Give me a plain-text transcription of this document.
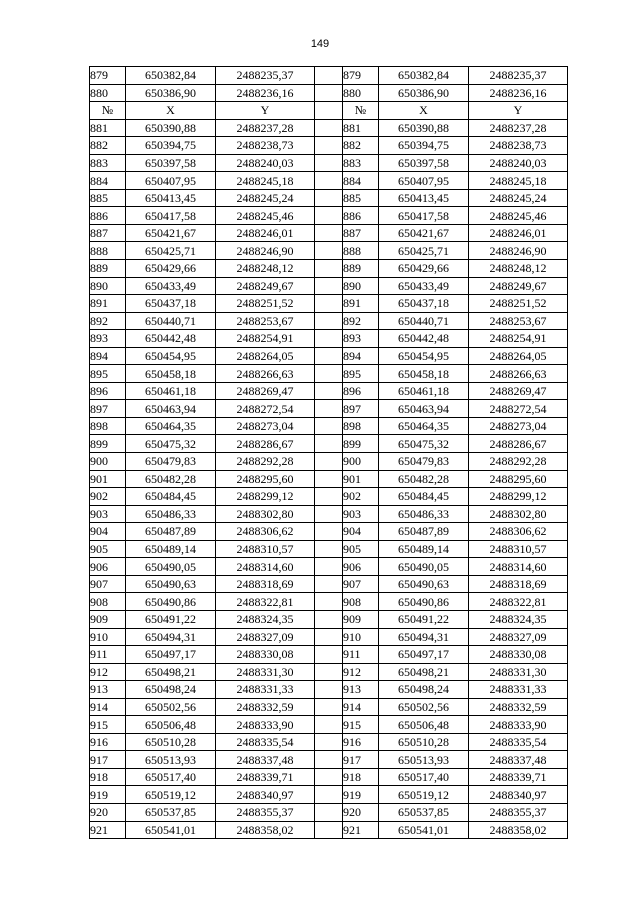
149
879	650382,84	2488235,37		879	650382,84	2488235,37
880	650386,90	2488236,16		880	650386,90	2488236,16
№	X	Y		№	X	Y
881	650390,88	2488237,28		881	650390,88	2488237,28
882	650394,75	2488238,73		882	650394,75	2488238,73
883	650397,58	2488240,03		883	650397,58	2488240,03
884	650407,95	2488245,18		884	650407,95	2488245,18
885	650413,45	2488245,24		885	650413,45	2488245,24
886	650417,58	2488245,46		886	650417,58	2488245,46
887	650421,67	2488246,01		887	650421,67	2488246,01
888	650425,71	2488246,90		888	650425,71	2488246,90
889	650429,66	2488248,12		889	650429,66	2488248,12
890	650433,49	2488249,67		890	650433,49	2488249,67
891	650437,18	2488251,52		891	650437,18	2488251,52
892	650440,71	2488253,67		892	650440,71	2488253,67
893	650442,48	2488254,91		893	650442,48	2488254,91
894	650454,95	2488264,05		894	650454,95	2488264,05
895	650458,18	2488266,63		895	650458,18	2488266,63
896	650461,18	2488269,47		896	650461,18	2488269,47
897	650463,94	2488272,54		897	650463,94	2488272,54
898	650464,35	2488273,04		898	650464,35	2488273,04
899	650475,32	2488286,67		899	650475,32	2488286,67
900	650479,83	2488292,28		900	650479,83	2488292,28
901	650482,28	2488295,60		901	650482,28	2488295,60
902	650484,45	2488299,12		902	650484,45	2488299,12
903	650486,33	2488302,80		903	650486,33	2488302,80
904	650487,89	2488306,62		904	650487,89	2488306,62
905	650489,14	2488310,57		905	650489,14	2488310,57
906	650490,05	2488314,60		906	650490,05	2488314,60
907	650490,63	2488318,69		907	650490,63	2488318,69
908	650490,86	2488322,81		908	650490,86	2488322,81
909	650491,22	2488324,35		909	650491,22	2488324,35
910	650494,31	2488327,09		910	650494,31	2488327,09
911	650497,17	2488330,08		911	650497,17	2488330,08
912	650498,21	2488331,30		912	650498,21	2488331,30
913	650498,24	2488331,33		913	650498,24	2488331,33
914	650502,56	2488332,59		914	650502,56	2488332,59
915	650506,48	2488333,90		915	650506,48	2488333,90
916	650510,28	2488335,54		916	650510,28	2488335,54
917	650513,93	2488337,48		917	650513,93	2488337,48
918	650517,40	2488339,71		918	650517,40	2488339,71
919	650519,12	2488340,97		919	650519,12	2488340,97
920	650537,85	2488355,37		920	650537,85	2488355,37
921	650541,01	2488358,02		921	650541,01	2488358,02
